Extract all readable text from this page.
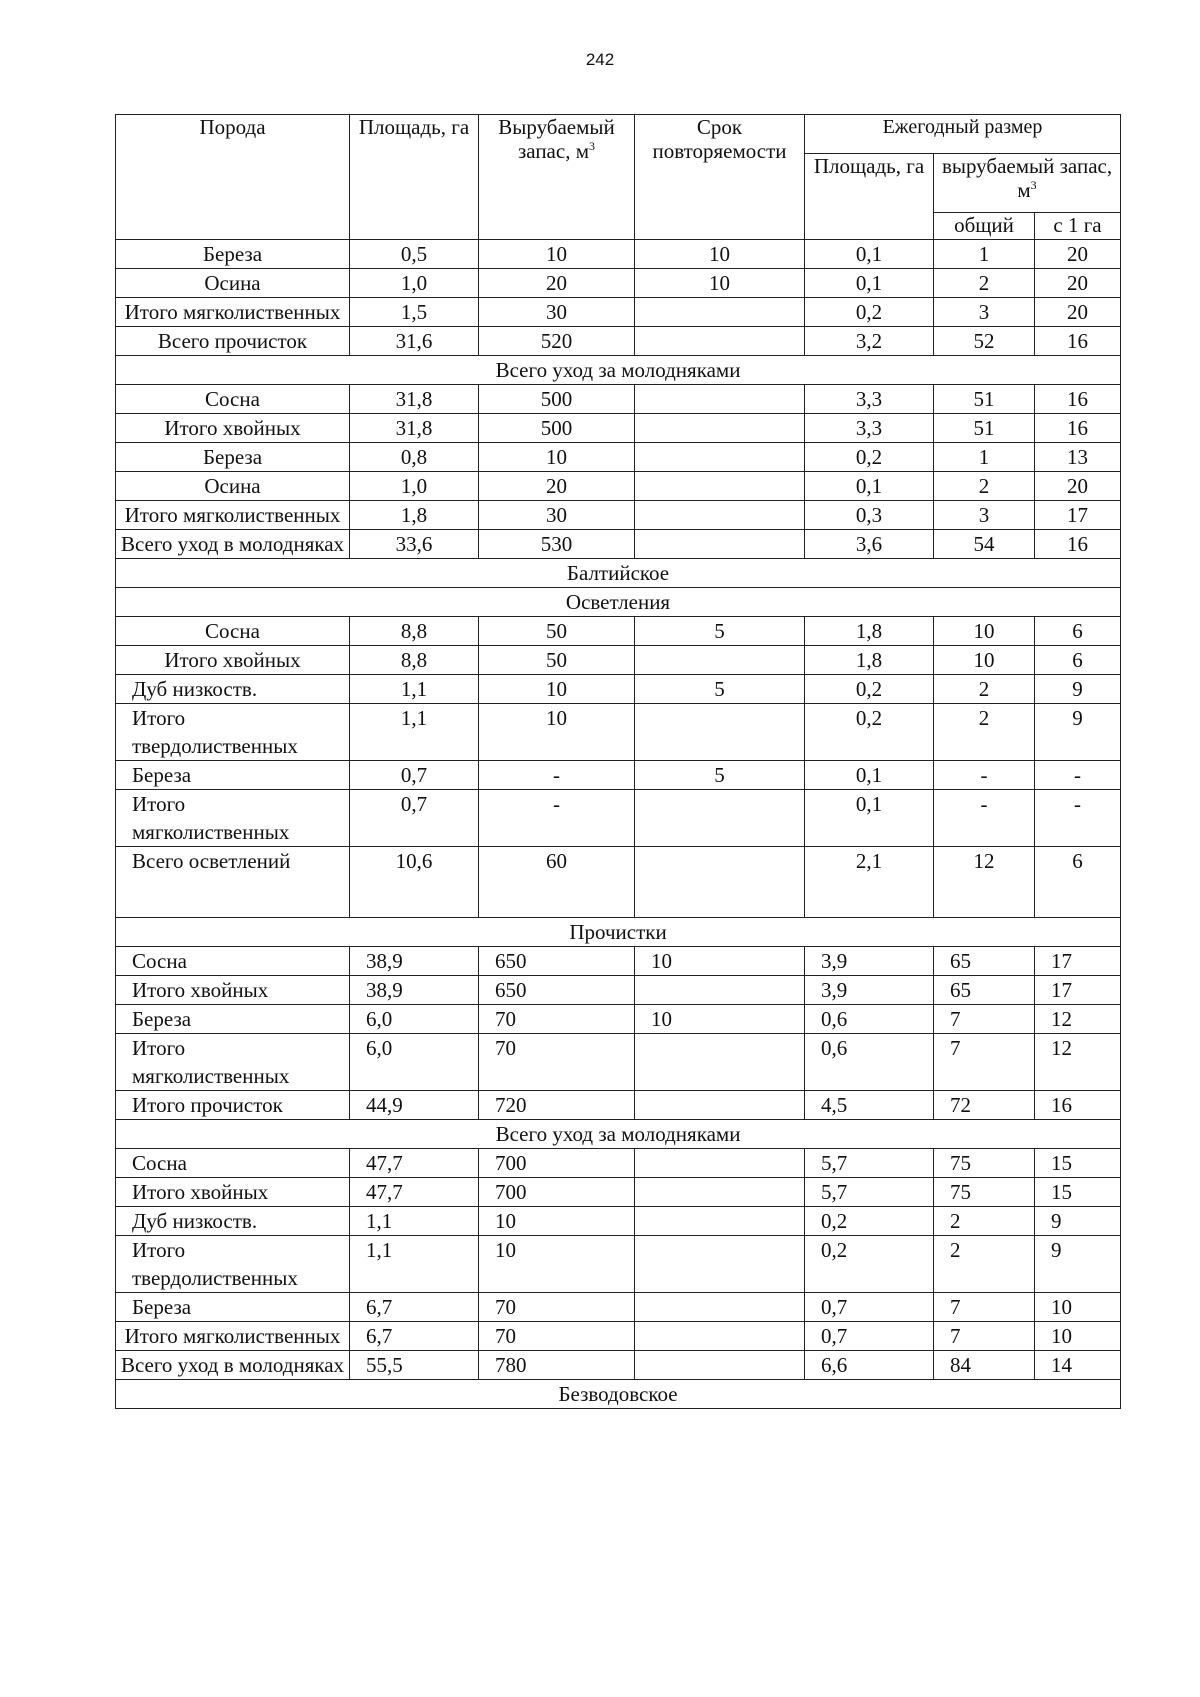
242
Порода	Площадь, га	Вырубаемый запас, $м^3$	Срок повторяемости	Ежегодный размер		
				Площадь, га	вырубаемый запас, $м^3$
					общий	с 1 га
Береза	0,5	10	10	0,1	1	20
Осина	1,0	20	10	0,1	2	20
Итого мягколиственных	1,5	30		0,2	3	20
Всего прочисток	31,6	520		3,2	52	16
Всего уход за молодняками						
Сосна	31,8	500		3,3	51	16
Итого хвойных	31,8	500		3,3	51	16
Береза	0,8	10		0,2	1	13
Осина	1,0	20		0,1	2	20
Итого мягколиственных	1,8	30		0,3	3	17
Всего уход в молодняках	33,6	530		3,6	54	16
Балтийское						
Осветления						
Сосна	8,8	50	5	1,8	10	6
Итого хвойных	8,8	50		1,8	10	6
Дуб низкоств.	1,1	10	5	0,2	2	9
Итого твердолиственных	1,1	10		0,2	2	9
Береза	0,7	-	5	0,1	-	-
Итого мягколиственных	0,7	-		0,1	-	-
Всего осветлений	10,6	60		2,1	12	6
Прочистки						
Сосна	38,9	650	10	3,9	65	17
Итого хвойных	38,9	650		3,9	65	17
Береза	6,0	70	10	0,6	7	12
Итого мягколиственных	6,0	70		0,6	7	12
Итого прочисток	44,9	720		4,5	72	16
Всего уход за молодняками						
Сосна	47,7	700		5,7	75	15
Итого хвойных	47,7	700		5,7	75	15
Дуб низкоств.	1,1	10		0,2	2	9
Итого твердолиственных	1,1	10		0,2	2	9
Береза	6,7	70		0,7	7	10
Итого мягколиственных	6,7	70		0,7	7	10
Всего уход в молодняках	55,5	780		6,6	84	14
Безводовское						
